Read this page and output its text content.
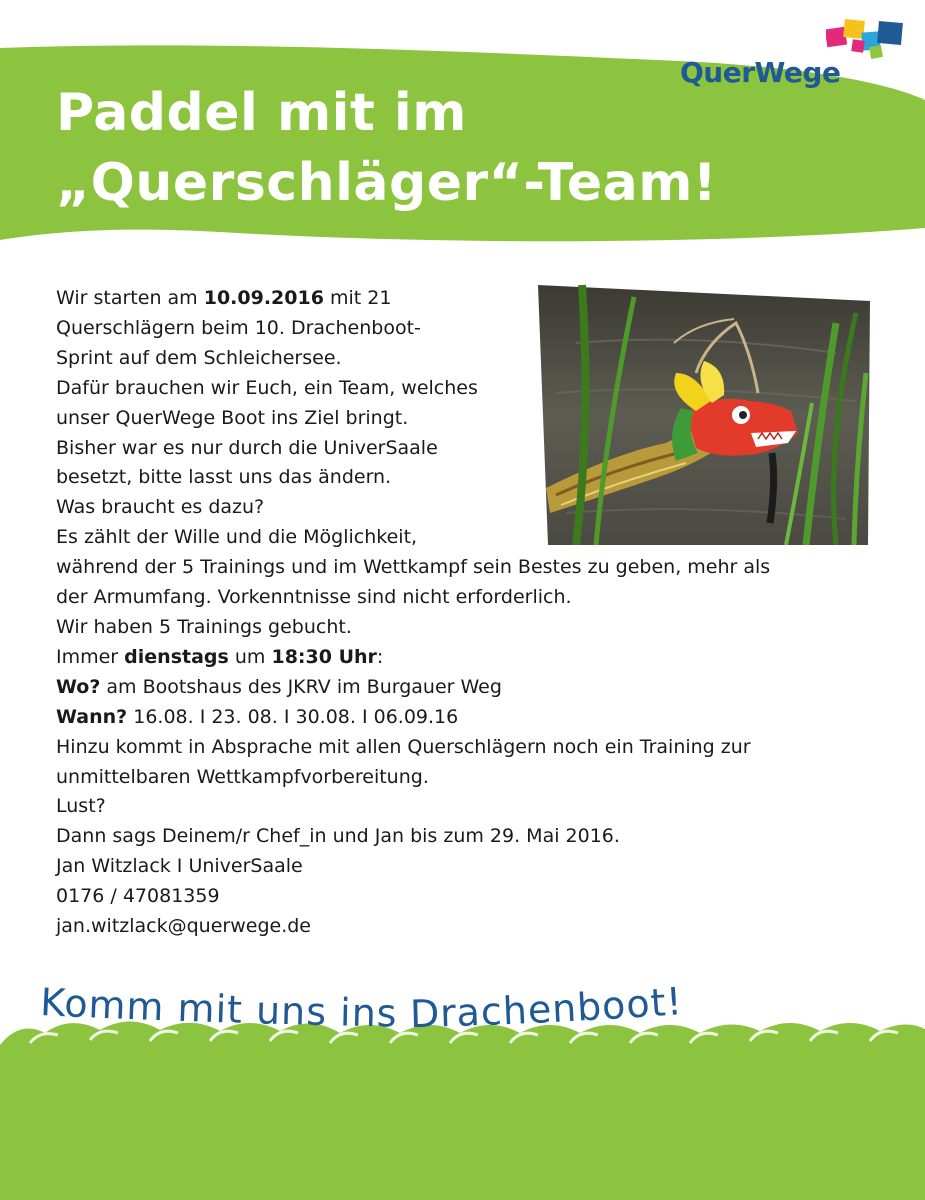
QuerWege
Paddel mit im
„Querschläger“-Team!
Wir starten am 10.09.2016 mit 21
Querschlägern beim 10. Drachenboot-
Sprint auf dem Schleichersee.
Dafür brauchen wir Euch, ein Team, welches
unser QuerWege Boot ins Ziel bringt.
Bisher war es nur durch die UniverSaale
besetzt, bitte lasst uns das ändern.
Was braucht es dazu?
Es zählt der Wille und die Möglichkeit,
während der 5 Trainings und im Wettkampf sein Bestes zu geben, mehr als
der Armumfang. Vorkenntnisse sind nicht erforderlich.
Wir haben 5 Trainings gebucht.
Immer dienstags um 18:30 Uhr:
Wo? am Bootshaus des JKRV im Burgauer Weg
Wann? 16.08. I 23. 08. I 30.08. I 06.09.16
Hinzu kommt in Absprache mit allen Querschlägern noch ein Training zur
unmittelbaren Wettkampfvorbereitung.
Lust?
Dann sags Deinem/r Chef_in und Jan bis zum 29. Mai 2016.
Jan Witzlack I UniverSaale
0176 / 47081359
jan.witzlack@querwege.de
Komm mit uns ins Drachenboot!
